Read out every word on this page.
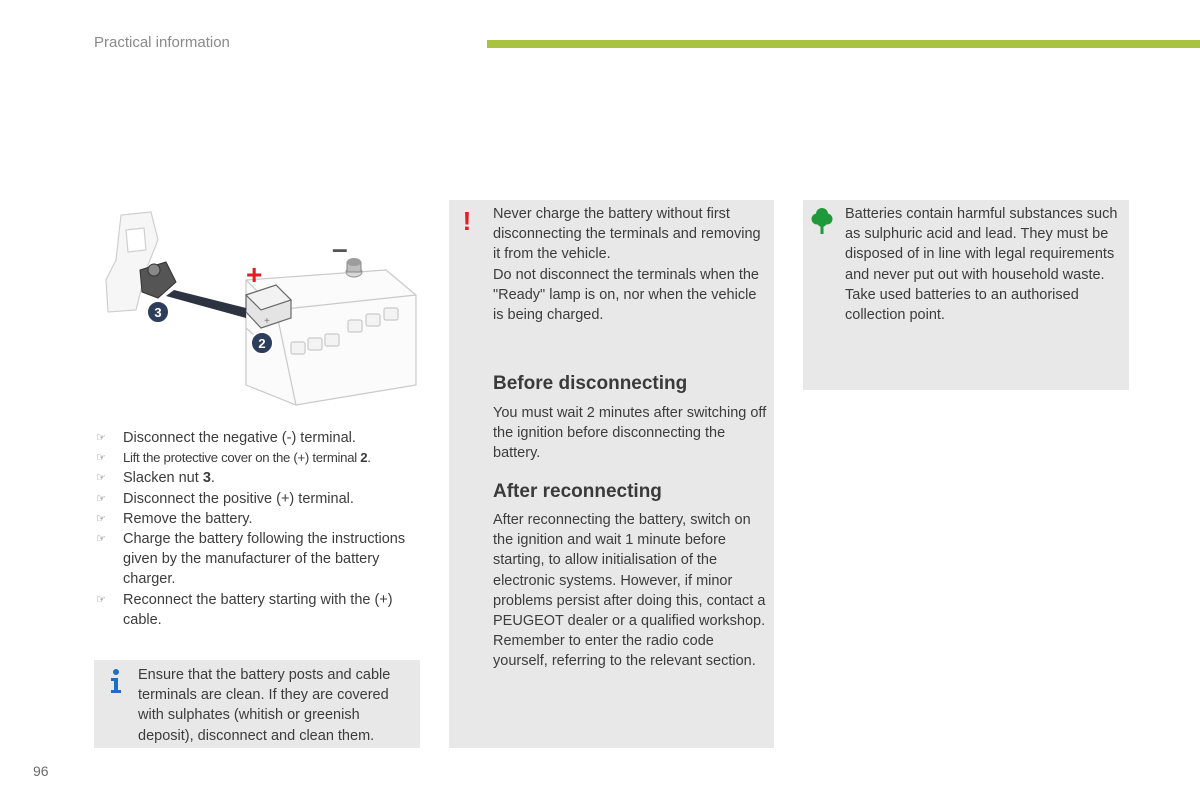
Practical information
+
+
–
3
2
☞ Disconnect the negative (-) terminal.
☞ Lift the protective cover on the (+) terminal 2.
☞ Slacken nut 3.
☞ Disconnect the positive (+) terminal.
☞ Remove the battery.
☞ Charge the battery following the instructions given by the manufacturer of the battery charger.
☞ Reconnect the battery starting with the (+) cable.
Ensure that the battery posts and cable terminals are clean. If they are covered with sulphates (whitish or greenish deposit), disconnect and clean them.
! Never charge the battery without first disconnecting the terminals and removing it from the vehicle.
Do not disconnect the terminals when the "Ready" lamp is on, nor when the vehicle is being charged.
Before disconnecting
You must wait 2 minutes after switching off the ignition before disconnecting the battery.
After reconnecting
After reconnecting the battery, switch on the ignition and wait 1 minute before starting, to allow initialisation of the electronic systems. However, if minor problems persist after doing this, contact a PEUGEOT dealer or a qualified workshop.
Remember to enter the radio code yourself, referring to the relevant section.
Batteries contain harmful substances such as sulphuric acid and lead. They must be disposed of in line with legal requirements and never put out with household waste.
Take used batteries to an authorised collection point.
96
